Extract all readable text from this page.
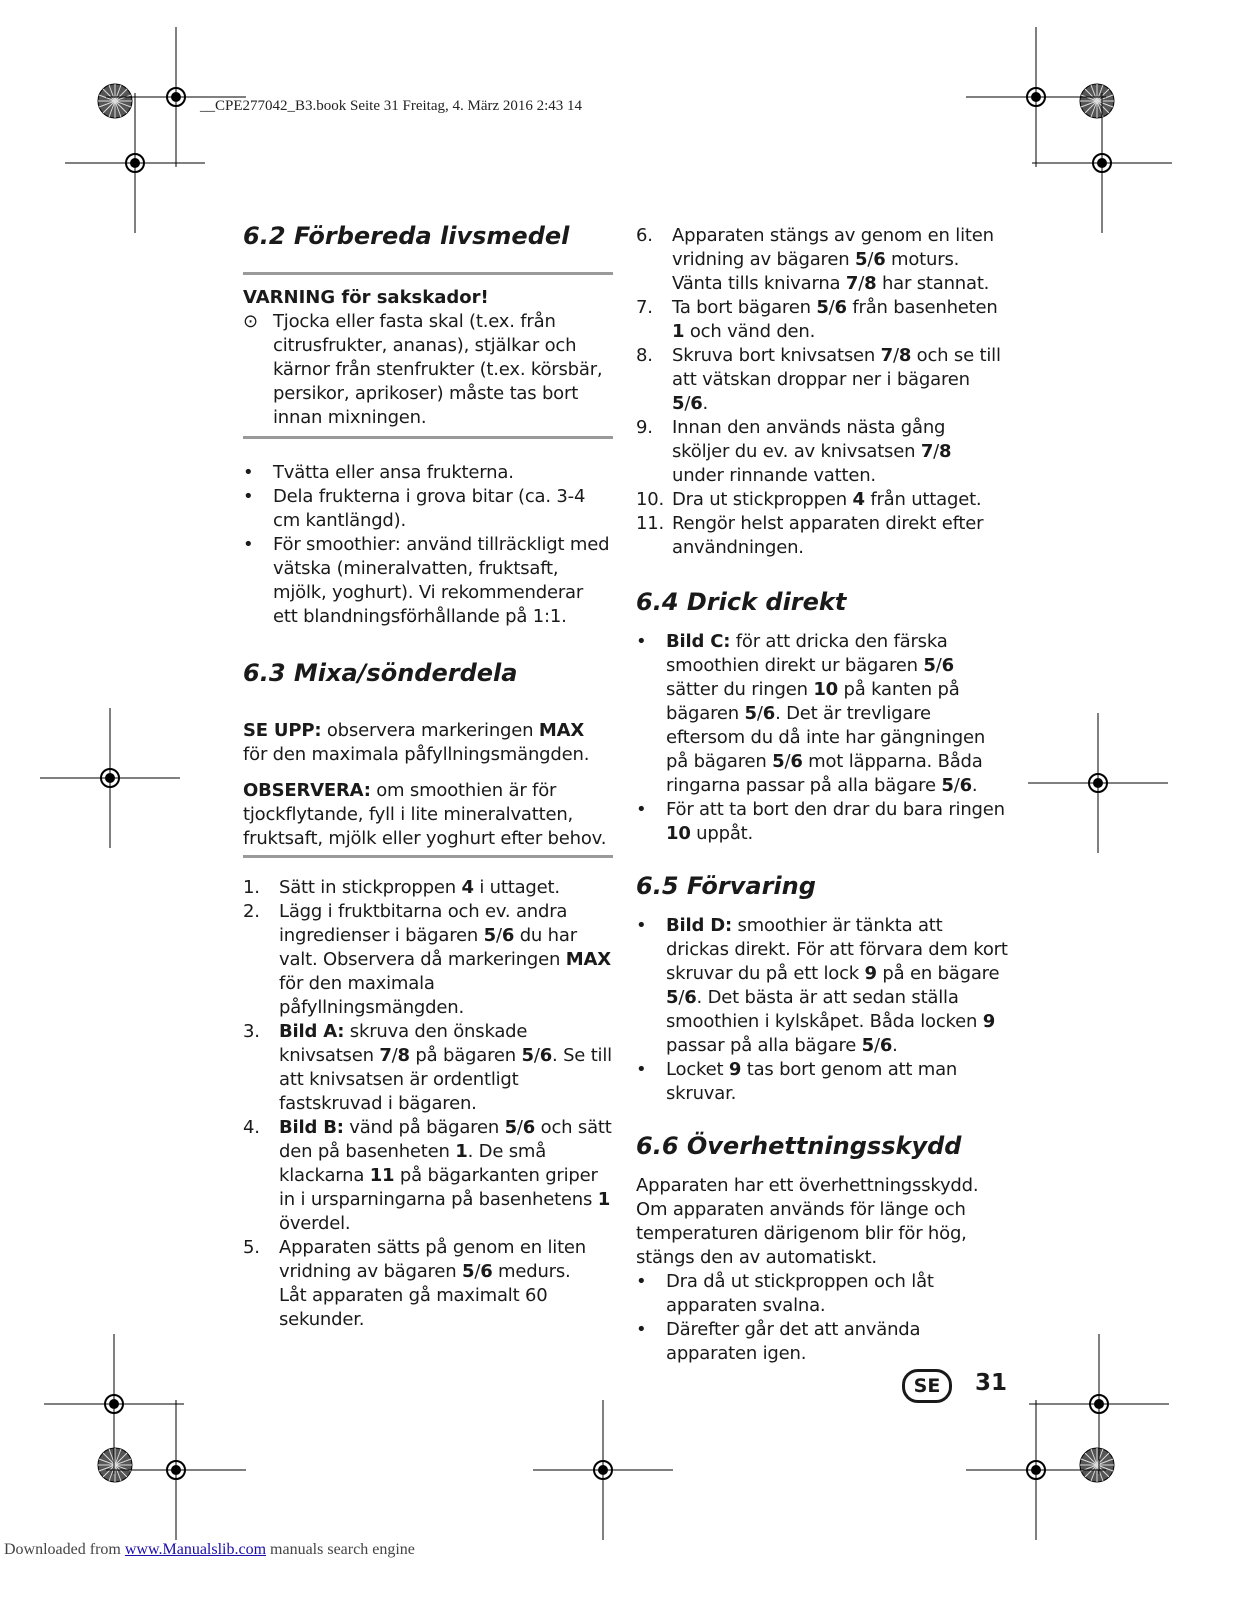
__CPE277042_B3.book Seite 31 Freitag, 4. März 2016 2:43 14
6.2 Förbereda livsmedel
VARNING för sakskador!
⊙ Tjocka eller fasta skal (t.ex. från citrusfrukter, ananas), stjälkar och kärnor från stenfrukter (t.ex. körsbär, persikor, aprikoser) måste tas bort innan mixningen.
• Tvätta eller ansa frukterna.
• Dela frukterna i grova bitar (ca. 3-4 cm kantlängd).
• För smoothier: använd tillräckligt med vätska (mineralvatten, fruktsaft, mjölk, yoghurt). Vi rekommenderar ett blandningsförhållande på 1:1.
6.3 Mixa/sönderdela

SE UPP: observera markeringen MAX för den maximala påfyllningsmängden.

OBSERVERA: om smoothien är för tjockflytande, fyll i lite mineralvatten, fruktsaft, mjölk eller yoghurt efter behov.

1. Sätt in stickproppen 4 i uttaget.
2. Lägg i fruktbitarna och ev. andra ingredienser i bägaren 5/6 du har valt. Observera då markeringen MAX för den maximala påfyllningsmängden.
3. Bild A: skruva den önskade knivsatsen 7/8 på bägaren 5/6. Se till att knivsatsen är ordentligt fastskruvad i bägaren.
4. Bild B: vänd på bägaren 5/6 och sätt den på basenheten 1. De små klackarna 11 på bägarkanten griper in i ursparningarna på basenhetens 1 överdel.
5. Apparaten sätts på genom en liten vridning av bägaren 5/6 medurs.
Låt apparaten gå maximalt 60 sekunder.
6. Apparaten stängs av genom en liten vridning av bägaren 5/6 moturs.
Vänta tills knivarna 7/8 har stannat.
7. Ta bort bägaren 5/6 från basenheten 1 och vänd den.
8. Skruva bort knivsatsen 7/8 och se till att vätskan droppar ner i bägaren 5/6.
9. Innan den används nästa gång sköljer du ev. av knivsatsen 7/8 under rinnande vatten.
10. Dra ut stickproppen 4 från uttaget.
11. Rengör helst apparaten direkt efter användningen.
6.4 Drick direkt
• Bild C: för att dricka den färska smoothien direkt ur bägaren 5/6 sätter du ringen 10 på kanten på bägaren 5/6. Det är trevligare eftersom du då inte har gängningen på bägaren 5/6 mot läpparna. Båda ringarna passar på alla bägare 5/6.
• För att ta bort den drar du bara ringen 10 uppåt.
6.5 Förvaring
• Bild D: smoothier är tänkta att drickas direkt. För att förvara dem kort skruvar du på ett lock 9 på en bägare 5/6. Det bästa är att sedan ställa smoothien i kylskåpet. Båda locken 9 passar på alla bägare 5/6.
• Locket 9 tas bort genom att man skruvar.
6.6 Överhettningsskydd

Apparaten har ett överhettningsskydd. Om apparaten används för länge och temperaturen därigenom blir för hög, stängs den av automatiskt.

• Dra då ut stickproppen och låt apparaten svalna.
• Därefter går det att använda apparaten igen.
SE	31
Downloaded from www.Manualslib.com manuals search engine
